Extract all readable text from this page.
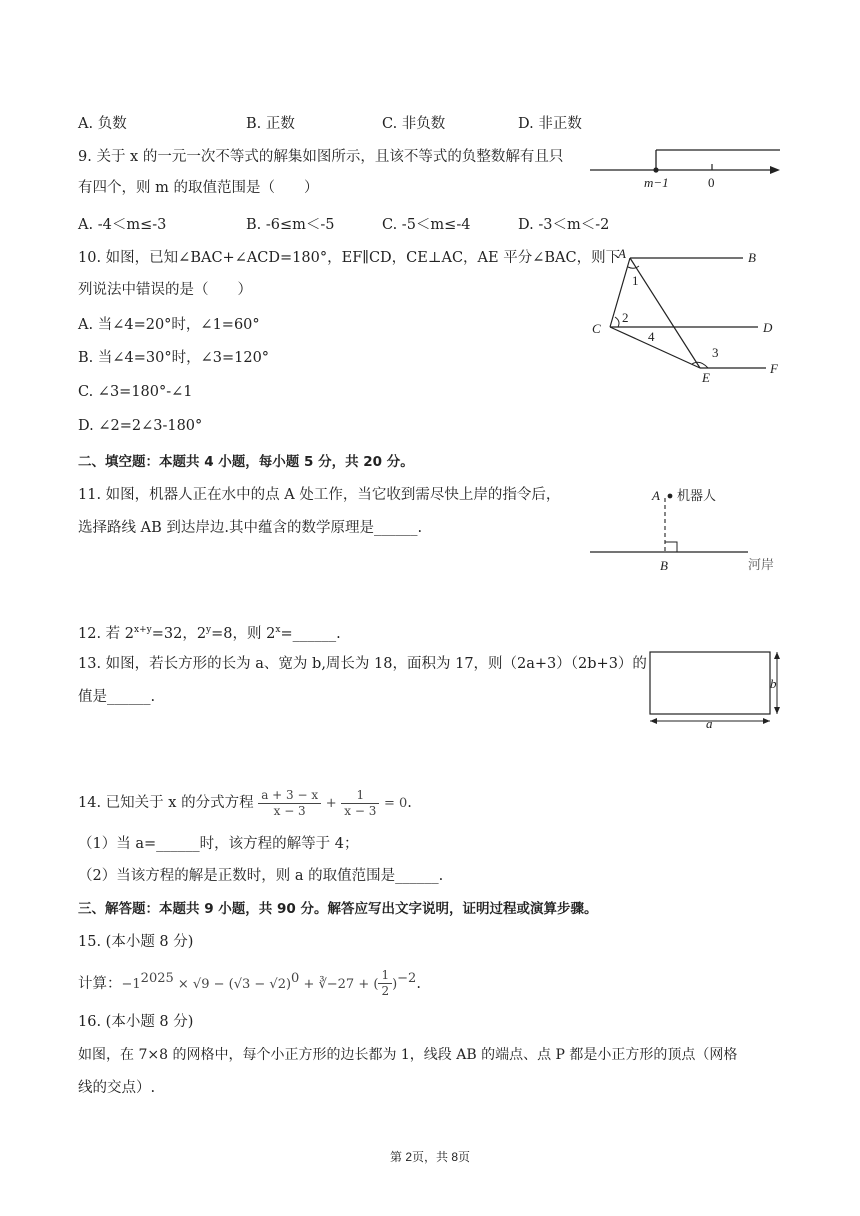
A. 负数	B. 正数	C. 非负数	D. 非正数
9. 关于 x 的一元一次不等式的解集如图所示，且该不等式的负整数解有且只
有四个，则 m 的取值范围是（　　）	m−1	0
A. -4＜m≤-3	B. -6≤m＜-5	C. -5＜m≤-4	D. -3＜m＜-2
10. 如图，已知∠BAC+∠ACD=180°，EF∥CD，CE⊥AC，AE 平分∠BAC，则下
列说法中错误的是（　　）
A. 当∠4=20°时，∠1=60°
B. 当∠4=30°时，∠3=120°
C. ∠3=180°-∠1
D. ∠2=2∠3-180°
A	B
C	D
E
F
1
2
3
4
二、填空题：本题共 4 小题，每小题 5 分，共 20 分。
11. 如图，机器人正在水中的点 A 处工作，当它收到需尽快上岸的指令后，
选择路线 AB 到达岸边.其中蕴含的数学原理是______.
A 机器人
B	河岸
12. 若 $2^{x+y}=32$，$2^y=8$，则 $2^x=\_\_\_\_\_\_$.
13. 如图，若长方形的长为 a、宽为 b,周长为 18，面积为 17，则（2a+3）（2b+3）的
值是______.
b
a
14. 已知关于 x 的分式方程 $\frac{a + 3 - x}{x - 3} + \frac{1}{x - 3} = 0$.
（1）当 a=______时，该方程的解等于 4；
（2）当该方程的解是正数时，则 a 的取值范围是______.
三、解答题：本题共 9 小题，共 90 分。解答应写出文字说明，证明过程或演算步骤。
15. (本小题 8 分)
计算：$-1^{2025} \times √9 - (√3 - √2)^0$ + ∛−27 + ( $\frac{1}{2} )^{-2}$.
16. (本小题 8 分)
如图，在 7×8 的网格中，每个小正方形的边长都为 1，线段 AB 的端点、点 P 都是小正方形的顶点（网格
线的交点）.
第 2页，共 8页
